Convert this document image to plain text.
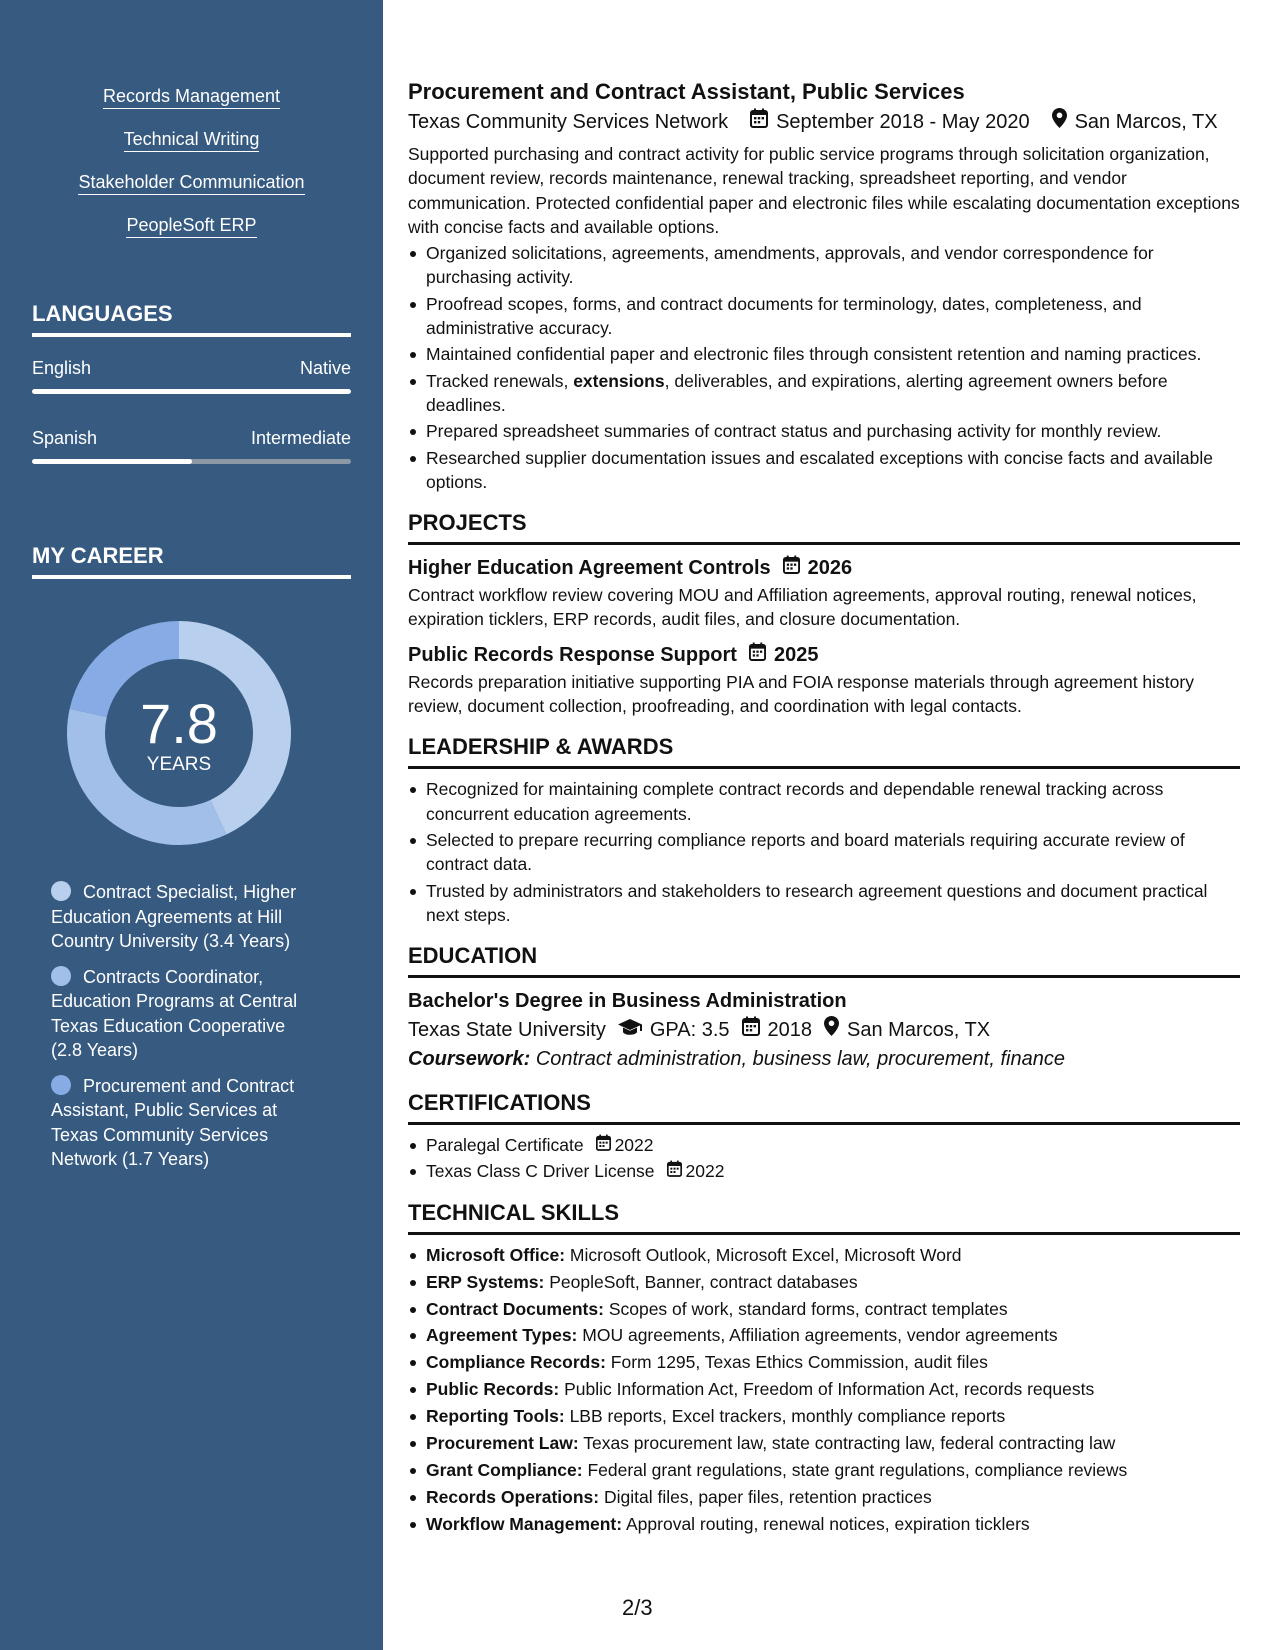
Records Management
Technical Writing
Stakeholder Communication
PeopleSoft ERP
LANGUAGES
English	Native
Spanish	Intermediate
MY CAREER
7.8
YEARS
Contract Specialist, Higher Education Agreements at Hill Country University (3.4 Years)
Contracts Coordinator, Education Programs at Central Texas Education Cooperative (2.8 Years)
Procurement and Contract Assistant, Public Services at Texas Community Services Network (1.7 Years)
Procurement and Contract Assistant, Public Services
Texas Community Services Network September 2018 - May 2020 San Marcos, TX
Supported purchasing and contract activity for public service programs through solicitation organization, document review, records maintenance, renewal tracking, spreadsheet reporting, and vendor communication. Protected confidential paper and electronic files while escalating documentation exceptions with concise facts and available options.
Organized solicitations, agreements, amendments, approvals, and vendor correspondence for purchasing activity.
Proofread scopes, forms, and contract documents for terminology, dates, completeness, and administrative accuracy.
Maintained confidential paper and electronic files through consistent retention and naming practices.
Tracked renewals, extensions, deliverables, and expirations, alerting agreement owners before deadlines.
Prepared spreadsheet summaries of contract status and purchasing activity for monthly review.
Researched supplier documentation issues and escalated exceptions with concise facts and available options.
PROJECTS
Higher Education Agreement Controls 2026
Contract workflow review covering MOU and Affiliation agreements, approval routing, renewal notices, expiration ticklers, ERP records, audit files, and closure documentation.
Public Records Response Support 2025
Records preparation initiative supporting PIA and FOIA response materials through agreement history review, document collection, proofreading, and coordination with legal contacts.
LEADERSHIP & AWARDS
Recognized for maintaining complete contract records and dependable renewal tracking across concurrent education agreements.
Selected to prepare recurring compliance reports and board materials requiring accurate review of contract data.
Trusted by administrators and stakeholders to research agreement questions and document practical next steps.
EDUCATION
Bachelor's Degree in Business Administration
Texas State University GPA: 3.5 2018 San Marcos, TX
Coursework: Contract administration, business law, procurement, finance
CERTIFICATIONS
Paralegal Certificate 2022
Texas Class C Driver License 2022
TECHNICAL SKILLS
Microsoft Office: Microsoft Outlook, Microsoft Excel, Microsoft Word
ERP Systems: PeopleSoft, Banner, contract databases
Contract Documents: Scopes of work, standard forms, contract templates
Agreement Types: MOU agreements, Affiliation agreements, vendor agreements
Compliance Records: Form 1295, Texas Ethics Commission, audit files
Public Records: Public Information Act, Freedom of Information Act, records requests
Reporting Tools: LBB reports, Excel trackers, monthly compliance reports
Procurement Law: Texas procurement law, state contracting law, federal contracting law
Grant Compliance: Federal grant regulations, state grant regulations, compliance reviews
Records Operations: Digital files, paper files, retention practices
Workflow Management: Approval routing, renewal notices, expiration ticklers
2/3
